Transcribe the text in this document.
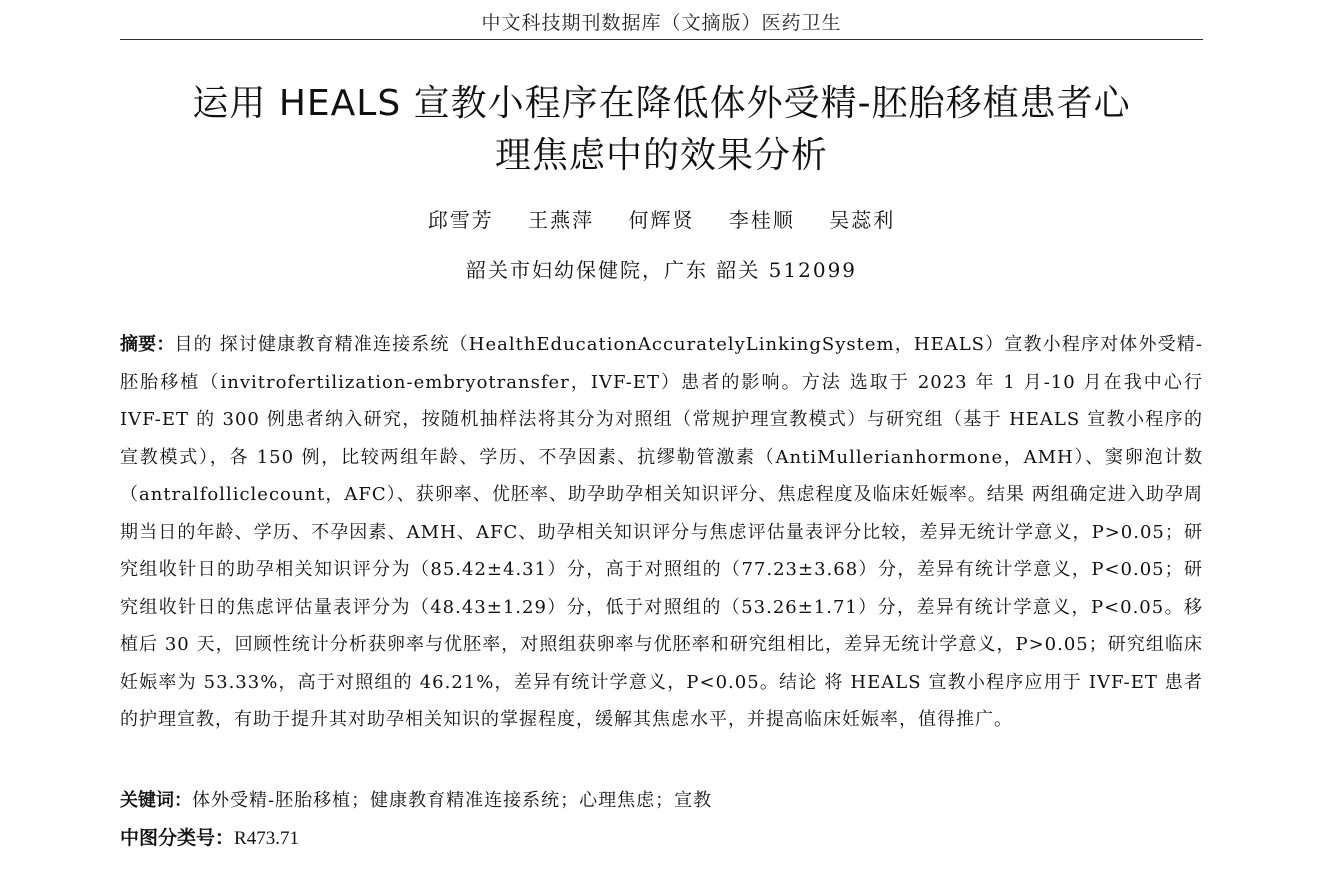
中文科技期刊数据库（文摘版）医药卫生
运用 HEALS 宣教小程序在降低体外受精-胚胎移植患者心
理焦虑中的效果分析
邱雪芳 王燕萍 何辉贤 李桂顺 吴蕊利
韶关市妇幼保健院，广东 韶关 512099

摘要：目的 探讨健康教育精准连接系统（HealthEducationAccuratelyLinkingSystem，HEALS）宣教小程序对体外受精-胚胎移植（invitrofertilization-embryotransfer，IVF-ET）患者的影响。方法 选取于 2023 年 1 月-10 月在我中心行 IVF-ET 的 300 例患者纳入研究，按随机抽样法将其分为对照组（常规护理宣教模式）与研究组（基于 HEALS 宣教小程序的宣教模式），各 150 例，比较两组年龄、学历、不孕因素、抗缪勒管激素（AntiMullerianhormone，AMH）、窦卵泡计数（antralfolliclecount，AFC）、获卵率、优胚率、助孕助孕相关知识评分、焦虑程度及临床妊娠率。结果 两组确定进入助孕周期当日的年龄、学历、不孕因素、AMH、AFC、助孕相关知识评分与焦虑评估量表评分比较，差异无统计学意义，P>0.05；研究组收针日的助孕相关知识评分为（85.42±4.31）分，高于对照组的（77.23±3.68）分，差异有统计学意义，P<0.05；研究组收针日的焦虑评估量表评分为（48.43±1.29）分，低于对照组的（53.26±1.71）分，差异有统计学意义，P<0.05。移植后 30 天，回顾性统计分析获卵率与优胚率，对照组获卵率与优胚率和研究组相比，差异无统计学意义，P>0.05；研究组临床妊娠率为 53.33%，高于对照组的 46.21%，差异有统计学意义，P<0.05。结论 将 HEALS 宣教小程序应用于 IVF-ET 患者的护理宣教，有助于提升其对助孕相关知识的掌握程度，缓解其焦虑水平，并提高临床妊娠率，值得推广。

关键词：体外受精-胚胎移植；健康教育精准连接系统；心理焦虑；宣教
中图分类号：R473.71
